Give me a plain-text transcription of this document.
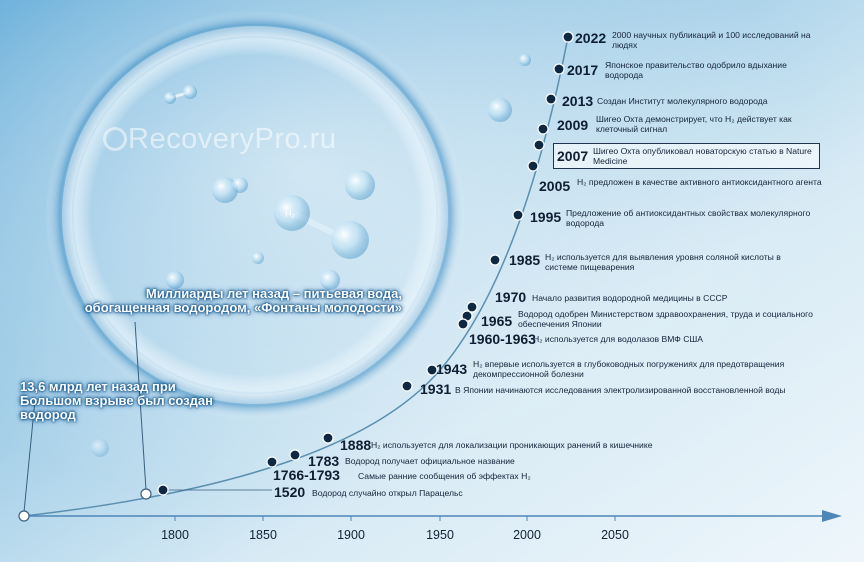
H₂
RecoveryPro.ru
Миллиарды лет назад – питьевая вода, обогащенная водородом, «Фонтаны молодости»
13,6 млрд лет назад при Большом взрыве был создан водород
2022 2000 научных публикаций и 100 исследований на людях
2017 Японское правительство одобрило вдыхание водорода
2013 Создан Институт молекулярного водорода
2009 Шигео Охта демонстрирует, что H₂ действует как клеточный сигнал
2007 Шигео Охта опубликовал новаторскую статью в Nature Medicine
2005 H₂ предложен в качестве активного антиоксидантного агента
1995 Предложение об антиоксидантных свойствах молекулярного водорода
1985 H₂ используется для выявления уровня соляной кислоты в системе пищеварения
1970 Начало развития водородной медицины в СССР
1965 Водород одобрен Министерством здравоохранения, труда и социального обеспечения Японии
1960-1963
H₂ используется для водолазов ВМФ США
1943 H₂ впервые используется в глубоководных погружениях для предотвращения декомпрессионной болезни
1931 В Японии начинаются исследования электролизированной восстановленной воды
1888 H₂ используется для локализации проникающих ранений в кишечнике
1783 Водород получает официальное название
1766-1793 Самые ранние сообщения об эффектах H₂
1520 Водород случайно открыл Парацельс
1800	1850	1900	1950	2000	2050
